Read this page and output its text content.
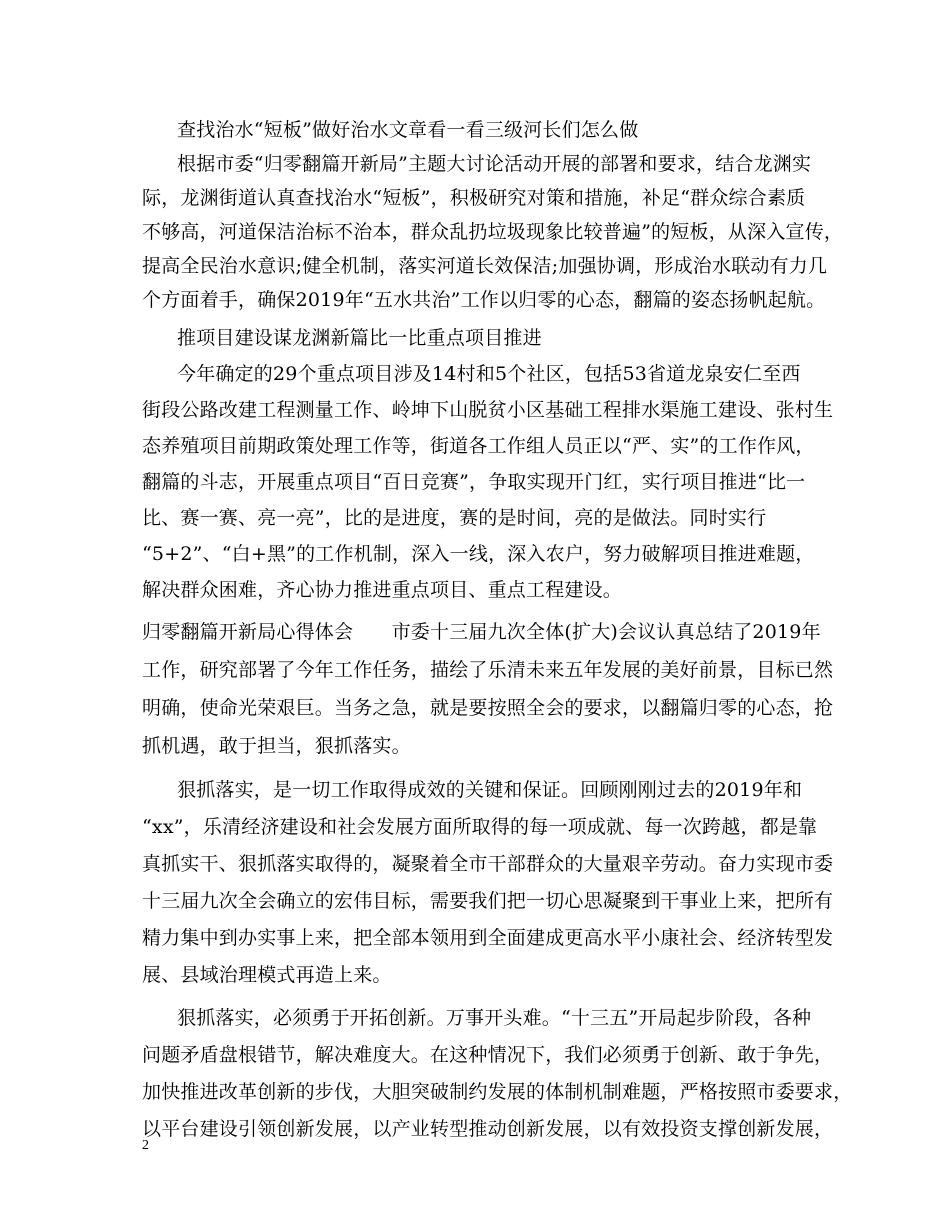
查找治水“短板”做好治水文章看一看三级河长们怎么做
根据市委“归零翻篇开新局”主题大讨论活动开展的部署和要求，结合龙渊实
际，龙渊街道认真查找治水“短板”，积极研究对策和措施，补足“群众综合素质
不够高，河道保洁治标不治本，群众乱扔垃圾现象比较普遍”的短板，从深入宣传，
提高全民治水意识;健全机制，落实河道长效保洁;加强协调，形成治水联动有力几
个方面着手，确保2019年“五水共治”工作以归零的心态，翻篇的姿态扬帆起航。
推项目建设谋龙渊新篇比一比重点项目推进
今年确定的29个重点项目涉及14村和5个社区，包括53省道龙泉安仁至西
街段公路改建工程测量工作、岭坤下山脱贫小区基础工程排水渠施工建设、张村生
态养殖项目前期政策处理工作等，街道各工作组人员正以“严、实”的工作作风，
翻篇的斗志，开展重点项目“百日竞赛”，争取实现开门红，实行项目推进“比一
比、赛一赛、亮一亮”，比的是进度，赛的是时间，亮的是做法。同时实行
“5+2”、“白+黑”的工作机制，深入一线，深入农户，努力破解项目推进难题，
解决群众困难，齐心协力推进重点项目、重点工程建设。
归零翻篇开新局心得体会　　市委十三届九次全体(扩大)会议认真总结了2019年
工作，研究部署了今年工作任务，描绘了乐清未来五年发展的美好前景，目标已然
明确，使命光荣艰巨。当务之急，就是要按照全会的要求，以翻篇归零的心态，抢
抓机遇，敢于担当，狠抓落实。
狠抓落实，是一切工作取得成效的关键和保证。回顾刚刚过去的2019年和
“xx”，乐清经济建设和社会发展方面所取得的每一项成就、每一次跨越，都是靠
真抓实干、狠抓落实取得的，凝聚着全市干部群众的大量艰辛劳动。奋力实现市委
十三届九次全会确立的宏伟目标，需要我们把一切心思凝聚到干事业上来，把所有
精力集中到办实事上来，把全部本领用到全面建成更高水平小康社会、经济转型发
展、县域治理模式再造上来。
狠抓落实，必须勇于开拓创新。万事开头难。“十三五”开局起步阶段，各种
问题矛盾盘根错节，解决难度大。在这种情况下，我们必须勇于创新、敢于争先，
加快推进改革创新的步伐，大胆突破制约发展的体制机制难题，严格按照市委要求，
以平台建设引领创新发展，以产业转型推动创新发展，以有效投资支撑创新发展，
2
